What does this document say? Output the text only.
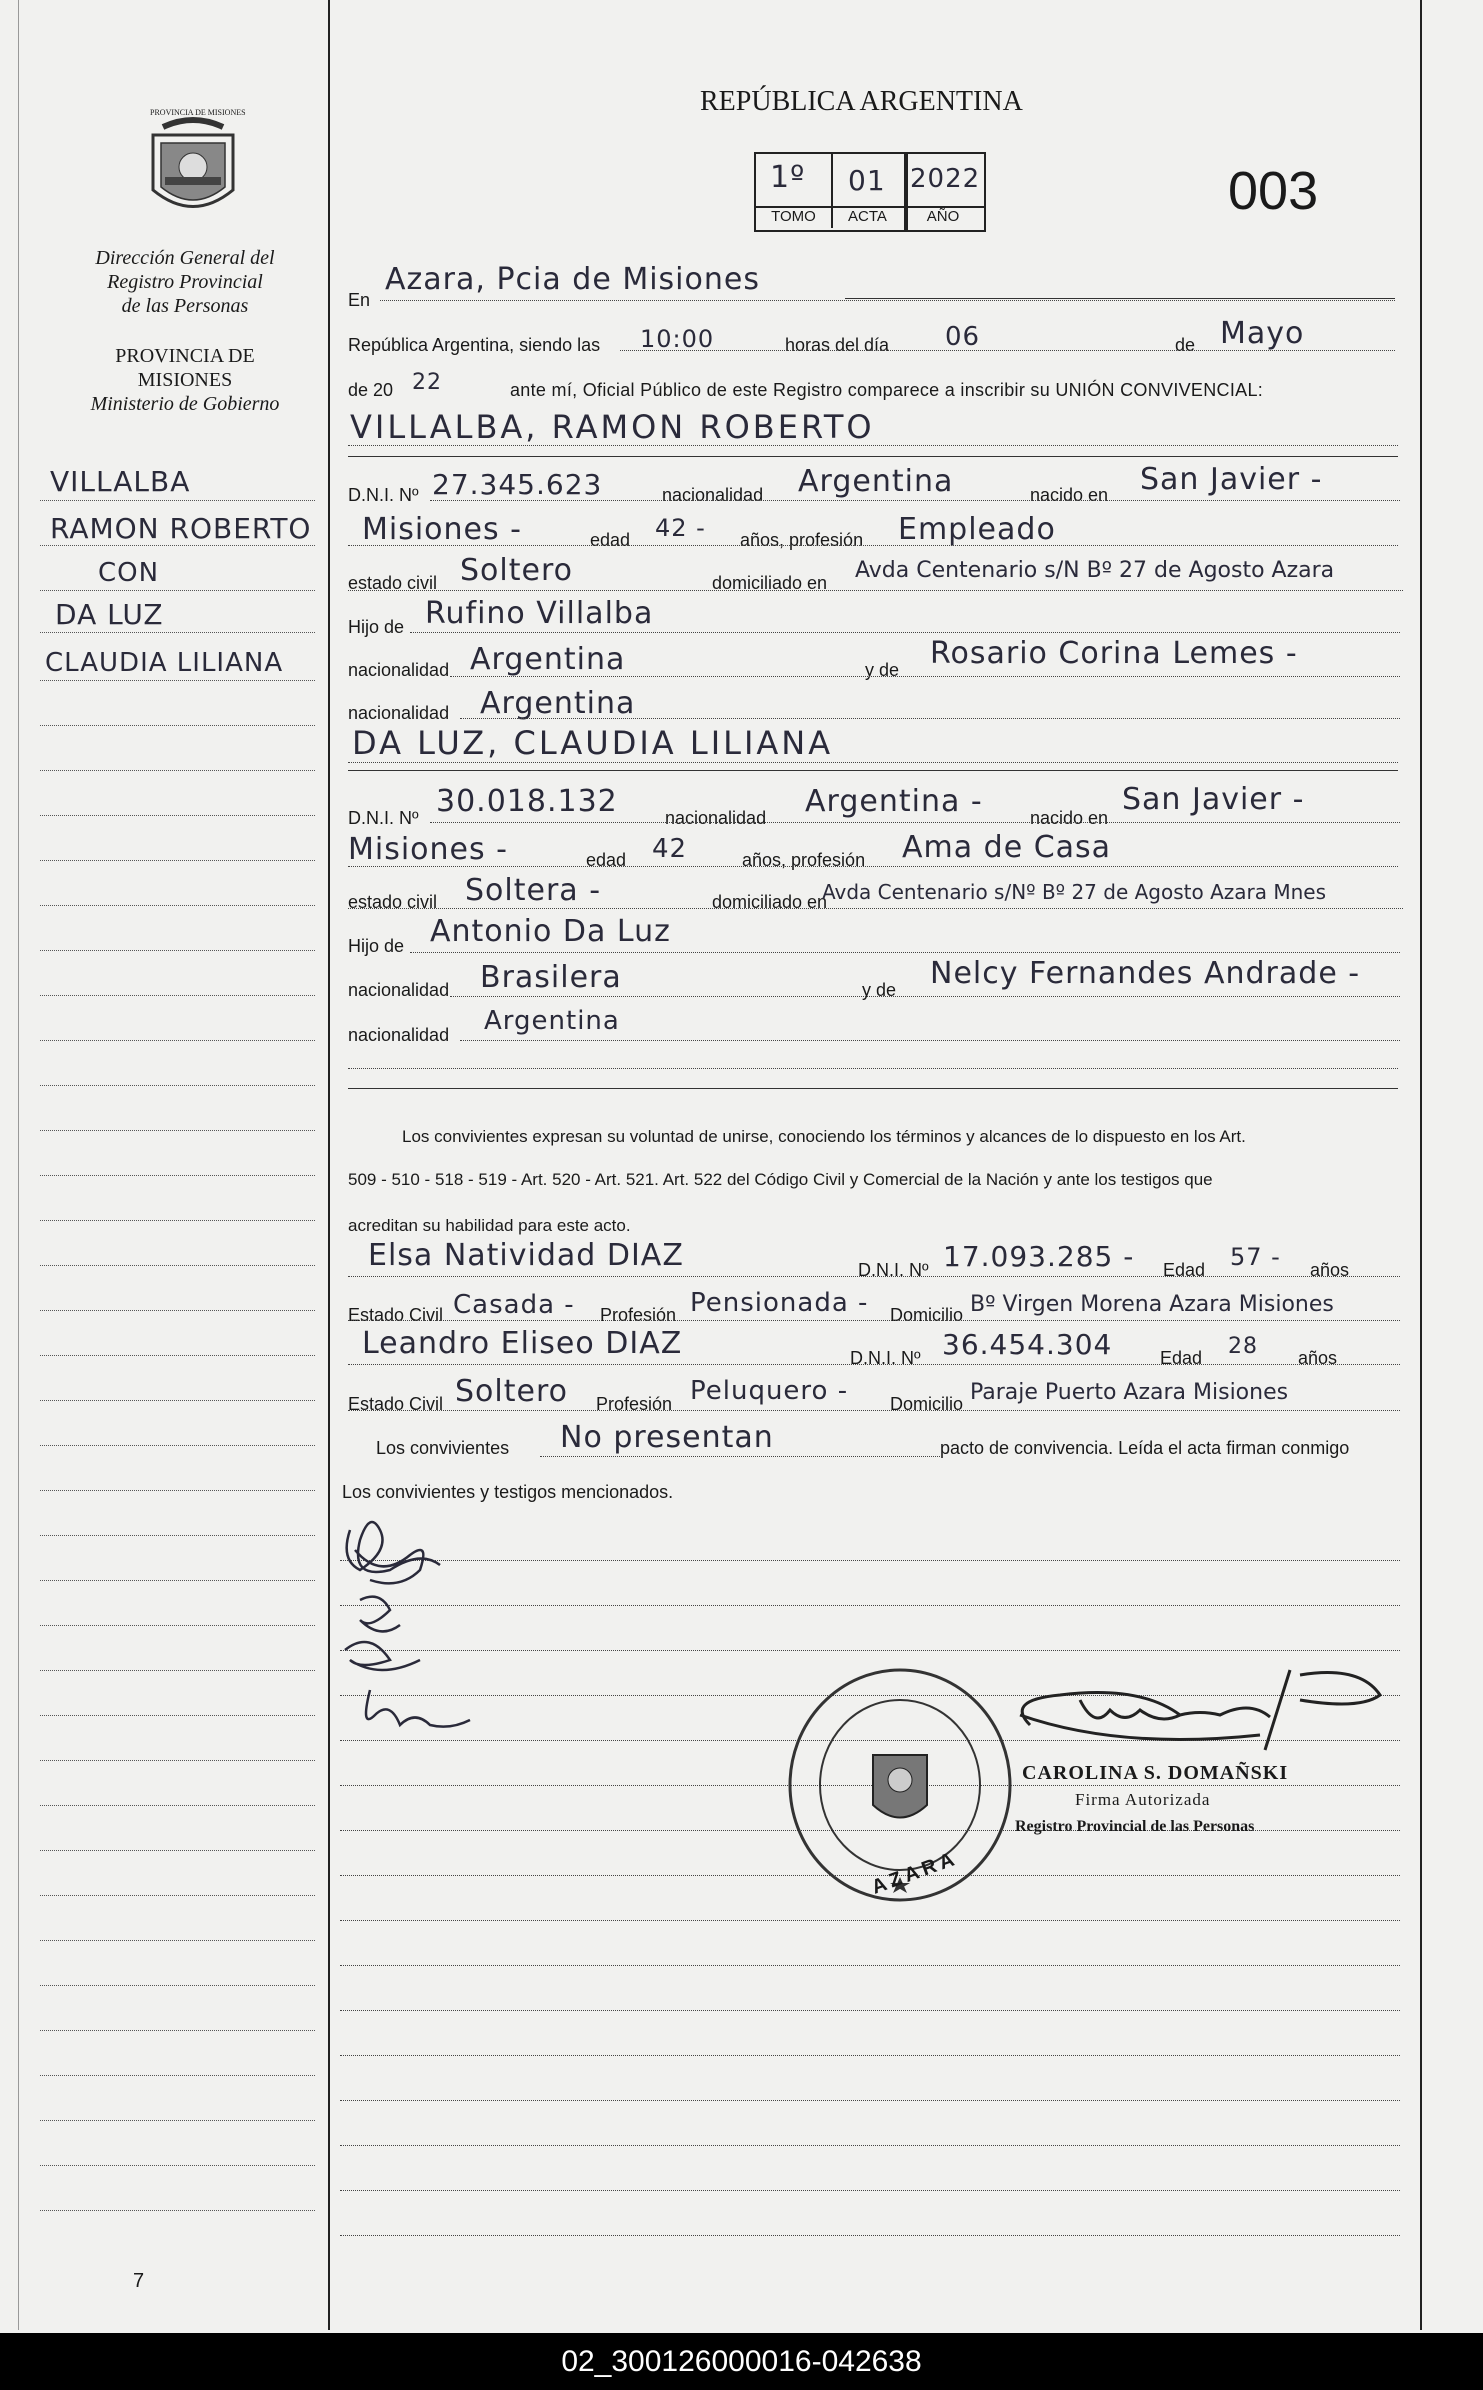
PROVINCIA DE MISIONES
Dirección General del
Registro Provincial
de las Personas
PROVINCIA DE
MISIONES
Ministerio de Gobierno
VILLALBA
RAMON ROBERTO
CON
DA LUZ
CLAUDIA LILIANA
7
REPÚBLICA ARGENTINA
1º 01 2022
TOMO	ACTA	AÑO	003
En
Azara, Pcia de Misiones
República Argentina, siendo las 10:00	horas del día 06	de Mayo
de 20 22	ante mí, Oficial Público de este Registro comparece a inscribir su UNIÓN CONVIVENCIAL:
VILLALBA, RAMON ROBERTO
D.N.I. Nº 27.345.623	nacionalidad Argentina	nacido en San Javier -
Misiones -	edad 42 - años, profesión Empleado
estado civil Soltero	domiciliado en Avda Centenario s/N Bº 27 de Agosto Azara
Hijo de Rufino Villalba
nacionalidad Argentina	y de Rosario Corina Lemes -
nacionalidad Argentina
DA LUZ, CLAUDIA LILIANA
D.N.I. Nº 30.018.132	nacionalidad Argentina -	nacido en
San Javier -
Misiones -	edad 42	años, profesión Ama de Casa
estado civil Soltera -	domiciliado en
Avda Centenario s/Nº Bº 27 de Agosto Azara Mnes
Hijo de Antonio Da Luz
nacionalidad Brasilera	y de Nelcy Fernandes Andrade -
nacionalidad Argentina
Los convivientes expresan su voluntad de unirse, conociendo los términos y alcances de lo dispuesto en los Art.
509 - 510 - 518 - 519 - Art. 520 - Art. 521. Art. 522 del Código Civil y Comercial de la Nación y ante los testigos que
acreditan su habilidad para este acto.
Elsa Natividad DIAZ	D.N.I. Nº 17.093.285 - Edad 57 - años
Estado Civil Casada - Profesión Pensionada - Domicilio Bº Virgen Morena Azara Misiones
Leandro Eliseo DIAZ	D.N.I. Nº 36.454.304	Edad 28 años
Estado Civil Soltero Profesión Peluquero - Domicilio Paraje Puerto Azara Misiones
Los convivientes No presentan	pacto de convivencia. Leída el acta firman conmigo
Los convivientes y testigos mencionados.
AZARA
CAROLINA S. DOMAÑSKI
Firma Autorizada
Registro Provincial de las Personas
02_300126000016-042638
